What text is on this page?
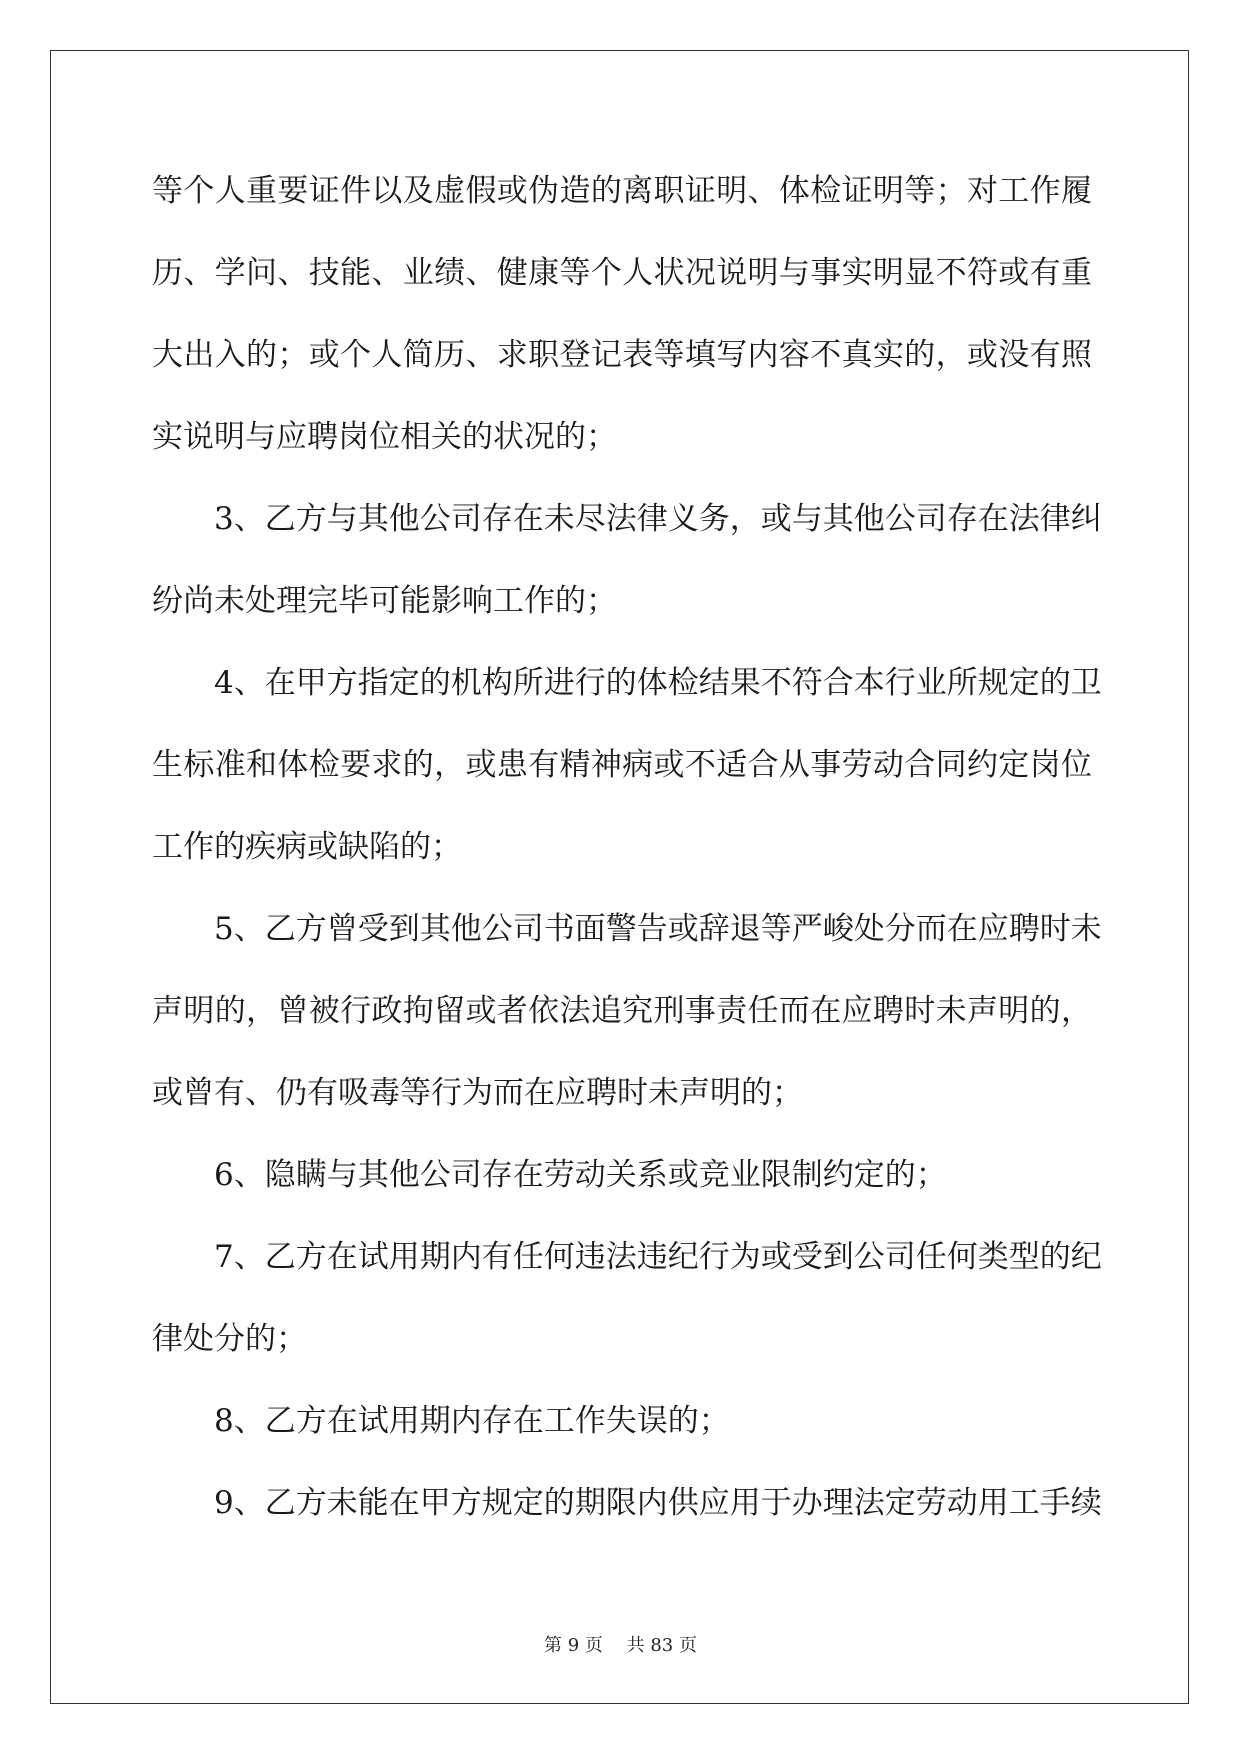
等个人重要证件以及虚假或伪造的离职证明、体检证明等；对工作履
历、学问、技能、业绩、健康等个人状况说明与事实明显不符或有重
大出入的；或个人简历、求职登记表等填写内容不真实的，或没有照
实说明与应聘岗位相关的状况的；
3、乙方与其他公司存在未尽法律义务，或与其他公司存在法律纠
纷尚未处理完毕可能影响工作的；
4、在甲方指定的机构所进行的体检结果不符合本行业所规定的卫
生标准和体检要求的，或患有精神病或不适合从事劳动合同约定岗位
工作的疾病或缺陷的；
5、乙方曾受到其他公司书面警告或辞退等严峻处分而在应聘时未
声明的，曾被行政拘留或者依法追究刑事责任而在应聘时未声明的，
或曾有、仍有吸毒等行为而在应聘时未声明的；
6、隐瞒与其他公司存在劳动关系或竞业限制约定的；
7、乙方在试用期内有任何违法违纪行为或受到公司任何类型的纪
律处分的；
8、乙方在试用期内存在工作失误的；
9、乙方未能在甲方规定的期限内供应用于办理法定劳动用工手续
第 9 页　 共 83 页
